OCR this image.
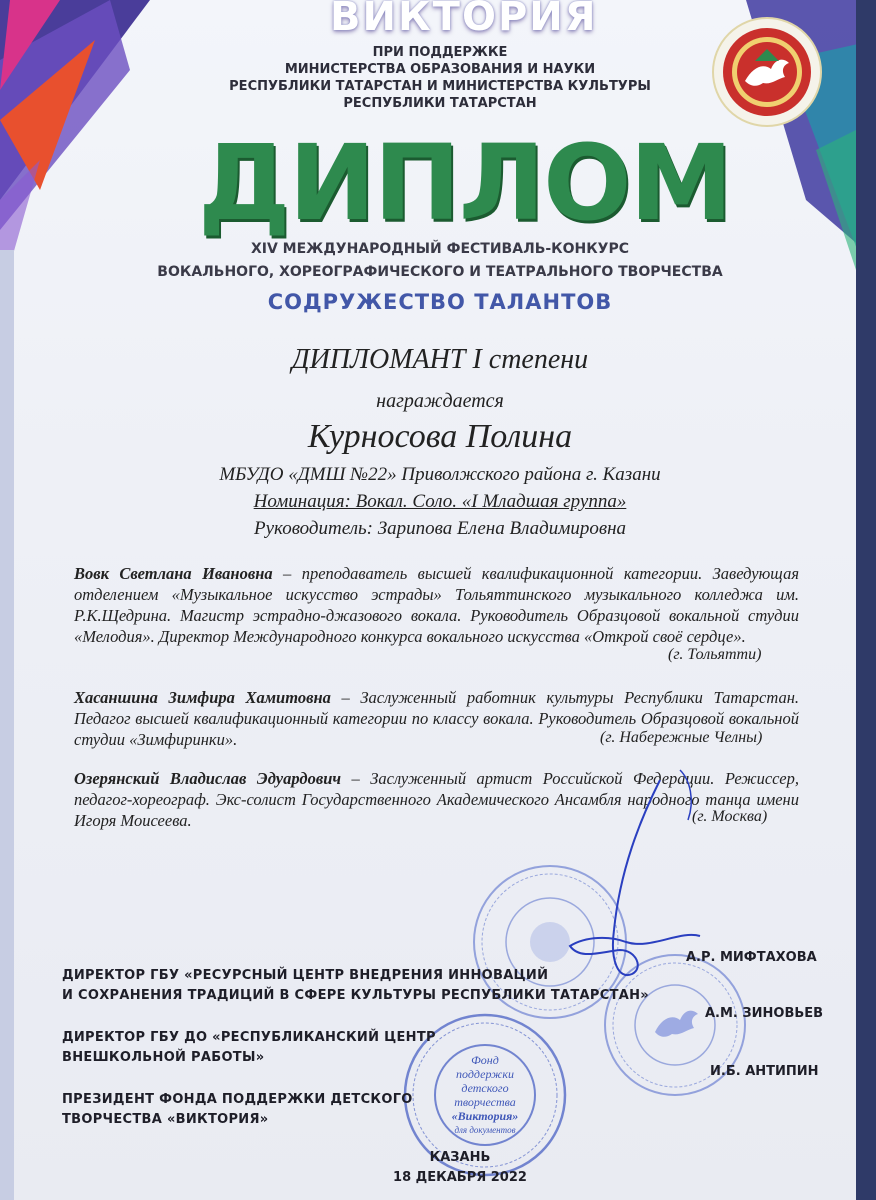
ВИКТОРИЯ
ПРИ ПОДДЕРЖКЕ
МИНИСТЕРСТВА ОБРАЗОВАНИЯ И НАУКИ
РЕСПУБЛИКИ ТАТАРСТАН И МИНИСТЕРСТВА КУЛЬТУРЫ
РЕСПУБЛИКИ ТАТАРСТАН
ДИПЛОМ
XIV МЕЖДУНАРОДНЫЙ ФЕСТИВАЛЬ-КОНКУРС
ВОКАЛЬНОГО, ХОРЕОГРАФИЧЕСКОГО И ТЕАТРАЛЬНОГО ТВОРЧЕСТВА
СОДРУЖЕСТВО ТАЛАНТОВ
ДИПЛОМАНТ I степени
награждается
Курносова Полина
МБУДО «ДМШ №22» Приволжского района г. Казани
Номинация: Вокал. Соло. «I Младшая группа»
Руководитель: Зарипова Елена Владимировна
Вовк Светлана Ивановна – преподаватель высшей квалификационной категории. Заведующая отделением «Музыкальное искусство эстрады» Тольяттинского музыкального колледжа им. Р.К.Щедрина. Магистр эстрадно-джазового вокала. Руководитель Образцовой вокальной студии «Мелодия». Директор Международного конкурса вокального искусства «Открой своё сердце».
(г. Тольятти)
Хасаншина Зимфира Хамитовна – Заслуженный работник культуры Республики Татарстан. Педагог высшей квалификационный категории по классу вокала. Руководитель Образцовой вокальной студии «Зимфиринки».	(г. Набережные Челны)
Озерянский Владислав Эдуардович – Заслуженный артист Российской Федерации. Режиссер, педагог-хореограф. Экс-солист Государственного Академического Ансамбля народного танца имени Игоря Моисеева.	(г. Москва)
Фонд
поддержки
детского
творчества
«Виктория»
для документов
ДИРЕКТОР ГБУ «РЕСУРСНЫЙ ЦЕНТР ВНЕДРЕНИЯ ИННОВАЦИЙ
И СОХРАНЕНИЯ ТРАДИЦИЙ В СФЕРЕ КУЛЬТУРЫ РЕСПУБЛИКИ ТАТАРСТАН»
А.Р. МИФТАХОВА
ДИРЕКТОР ГБУ ДО «РЕСПУБЛИКАНСКИЙ ЦЕНТР
ВНЕШКОЛЬНОЙ РАБОТЫ»
А.М. ЗИНОВЬЕВ
ПРЕЗИДЕНТ ФОНДА ПОДДЕРЖКИ ДЕТСКОГО
ТВОРЧЕСТВА «ВИКТОРИЯ»
И.Б. АНТИПИН
КАЗАНЬ
18 ДЕКАБРЯ 2022
